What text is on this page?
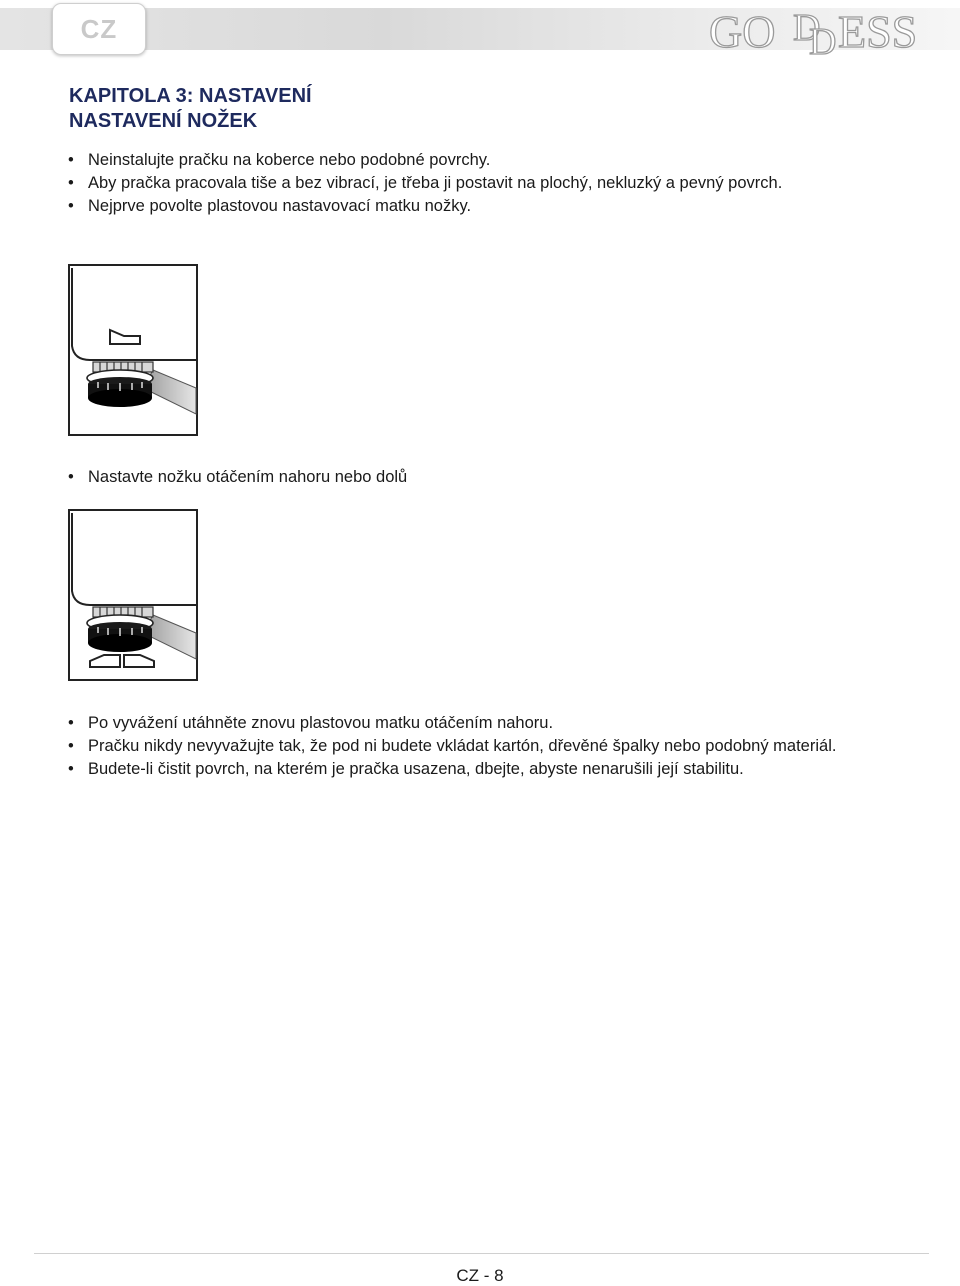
CZ	GO D
D ESS
KAPITOLA 3: NASTAVENÍ
NASTAVENÍ NOŽEK
• Neinstalujte pračku na koberce nebo podobné povrchy.
• Aby pračka pracovala tiše a bez vibrací, je třeba ji postavit na plochý, nekluzký a pevný povrch.
• Nejprve povolte plastovou nastavovací matku nožky.
• Nastavte nožku otáčením nahoru nebo dolů
• Po vyvážení utáhněte znovu plastovou matku otáčením nahoru.
• Pračku nikdy nevyvažujte tak, že pod ni budete vkládat kartón, dřevěné špalky nebo podobný materiál.
• Budete-li čistit povrch, na kterém je pračka usazena, dbejte, abyste nenarušili její stabilitu.
CZ - 8
